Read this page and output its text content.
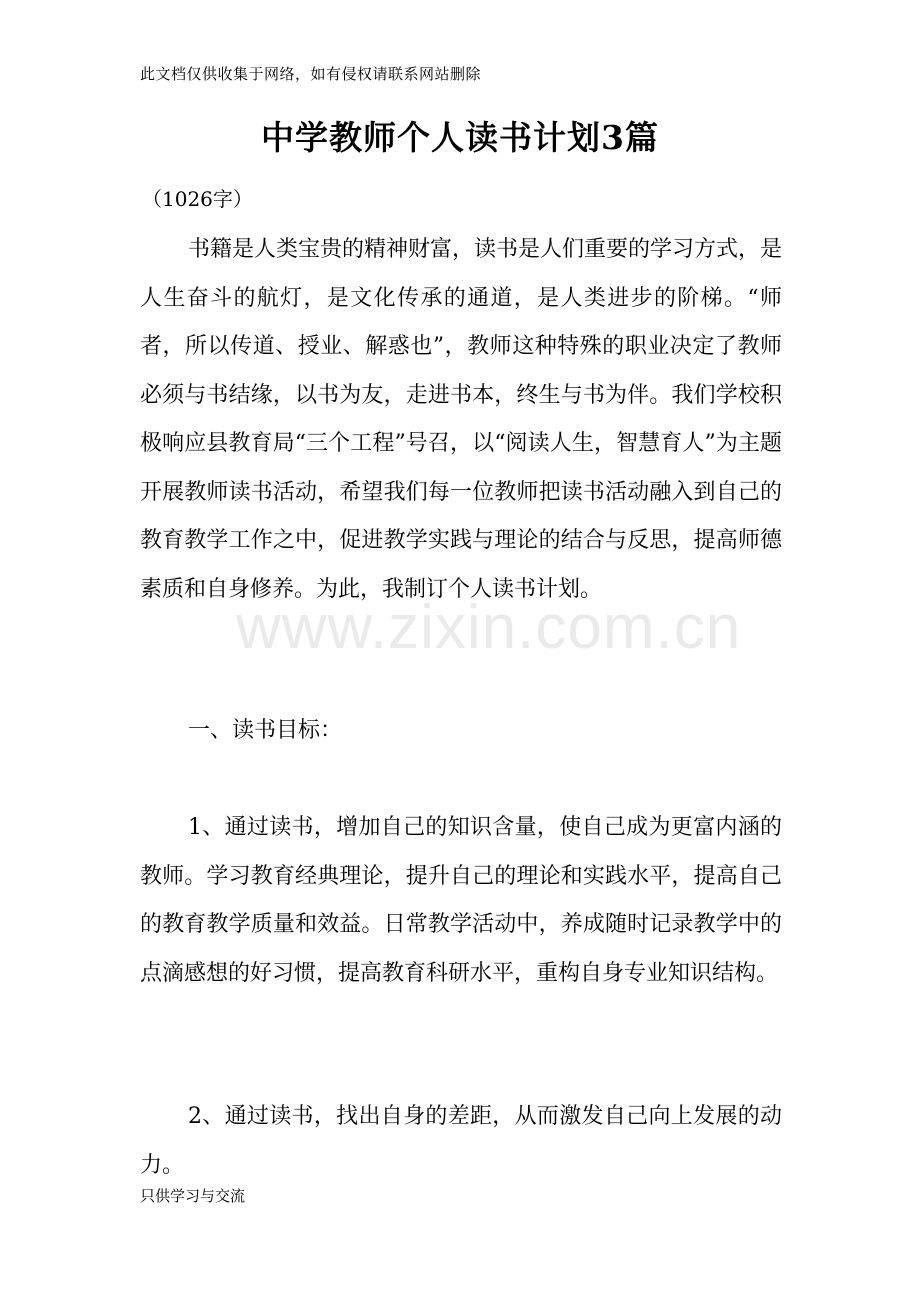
此文档仅供收集于网络，如有侵权请联系网站删除
中学教师个人读书计划3篇
（1026字）

书籍是人类宝贵的精神财富，读书是人们重要的学习方式，是人生奋斗的航灯，是文化传承的通道，是人类进步的阶梯。“师者，所以传道、授业、解惑也”，教师这种特殊的职业决定了教师必须与书结缘，以书为友，走进书本，终生与书为伴。我们学校积极响应县教育局“三个工程”号召，以“阅读人生，智慧育人”为主题开展教师读书活动，希望我们每一位教师把读书活动融入到自己的教育教学工作之中，促进教学实践与理论的结合与反思，提高师德素质和自身修养。为此，我制订个人读书计划。

www.zixin.com.cn

一、读书目标：

1、通过读书，增加自己的知识含量，使自己成为更富内涵的教师。学习教育经典理论，提升自己的理论和实践水平，提高自己的教育教学质量和效益。日常教学活动中，养成随时记录教学中的点滴感想的好习惯，提高教育科研水平，重构自身专业知识结构。

2、通过读书，找出自身的差距，从而激发自己向上发展的动力。

只供学习与交流
